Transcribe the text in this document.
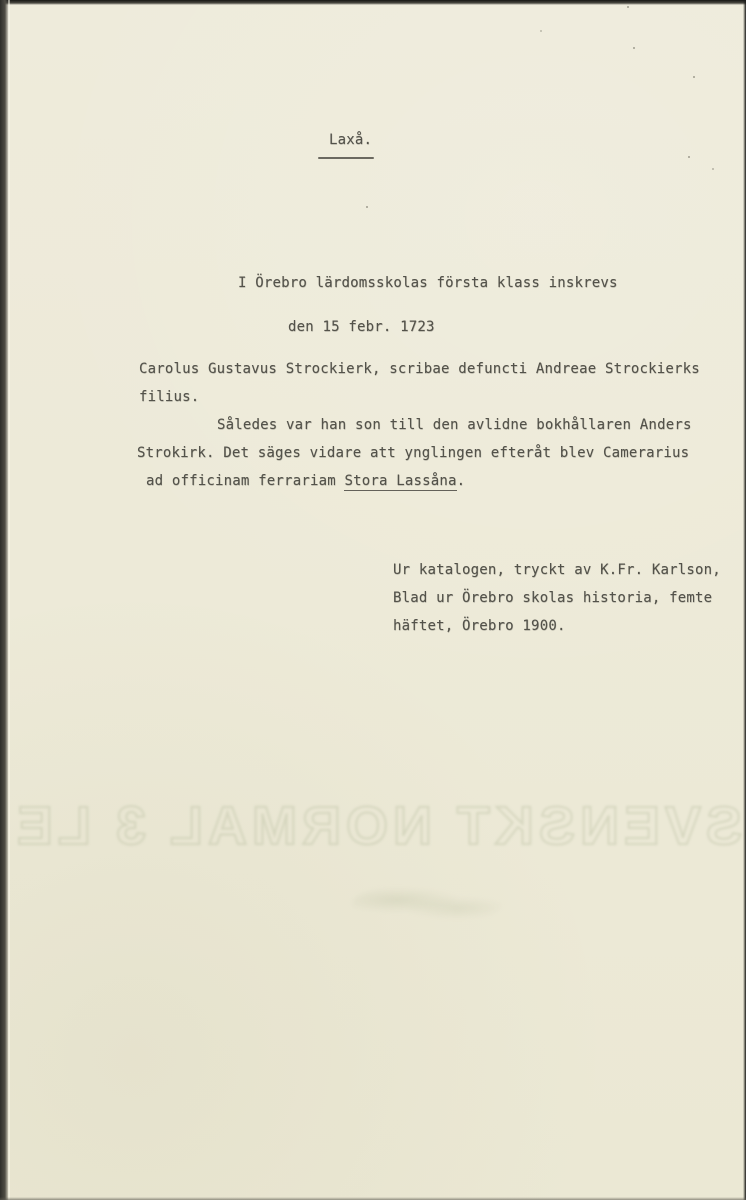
SVENSKT NORMAL 3 LE
Laxå.
I Örebro lärdomsskolas första klass inskrevs
den 15 febr. 1723
Carolus Gustavus Strockierk, scribae defuncti Andreae Strockierks
filius.
Således var han son till den avlidne bokhållaren Anders
Strokirk. Det säges vidare att ynglingen efteråt blev Camerarius
ad officinam ferrariam Stora Lassåna.
Ur katalogen, tryckt av K.Fr. Karlson,
Blad ur Örebro skolas historia, femte
häftet, Örebro 1900.
